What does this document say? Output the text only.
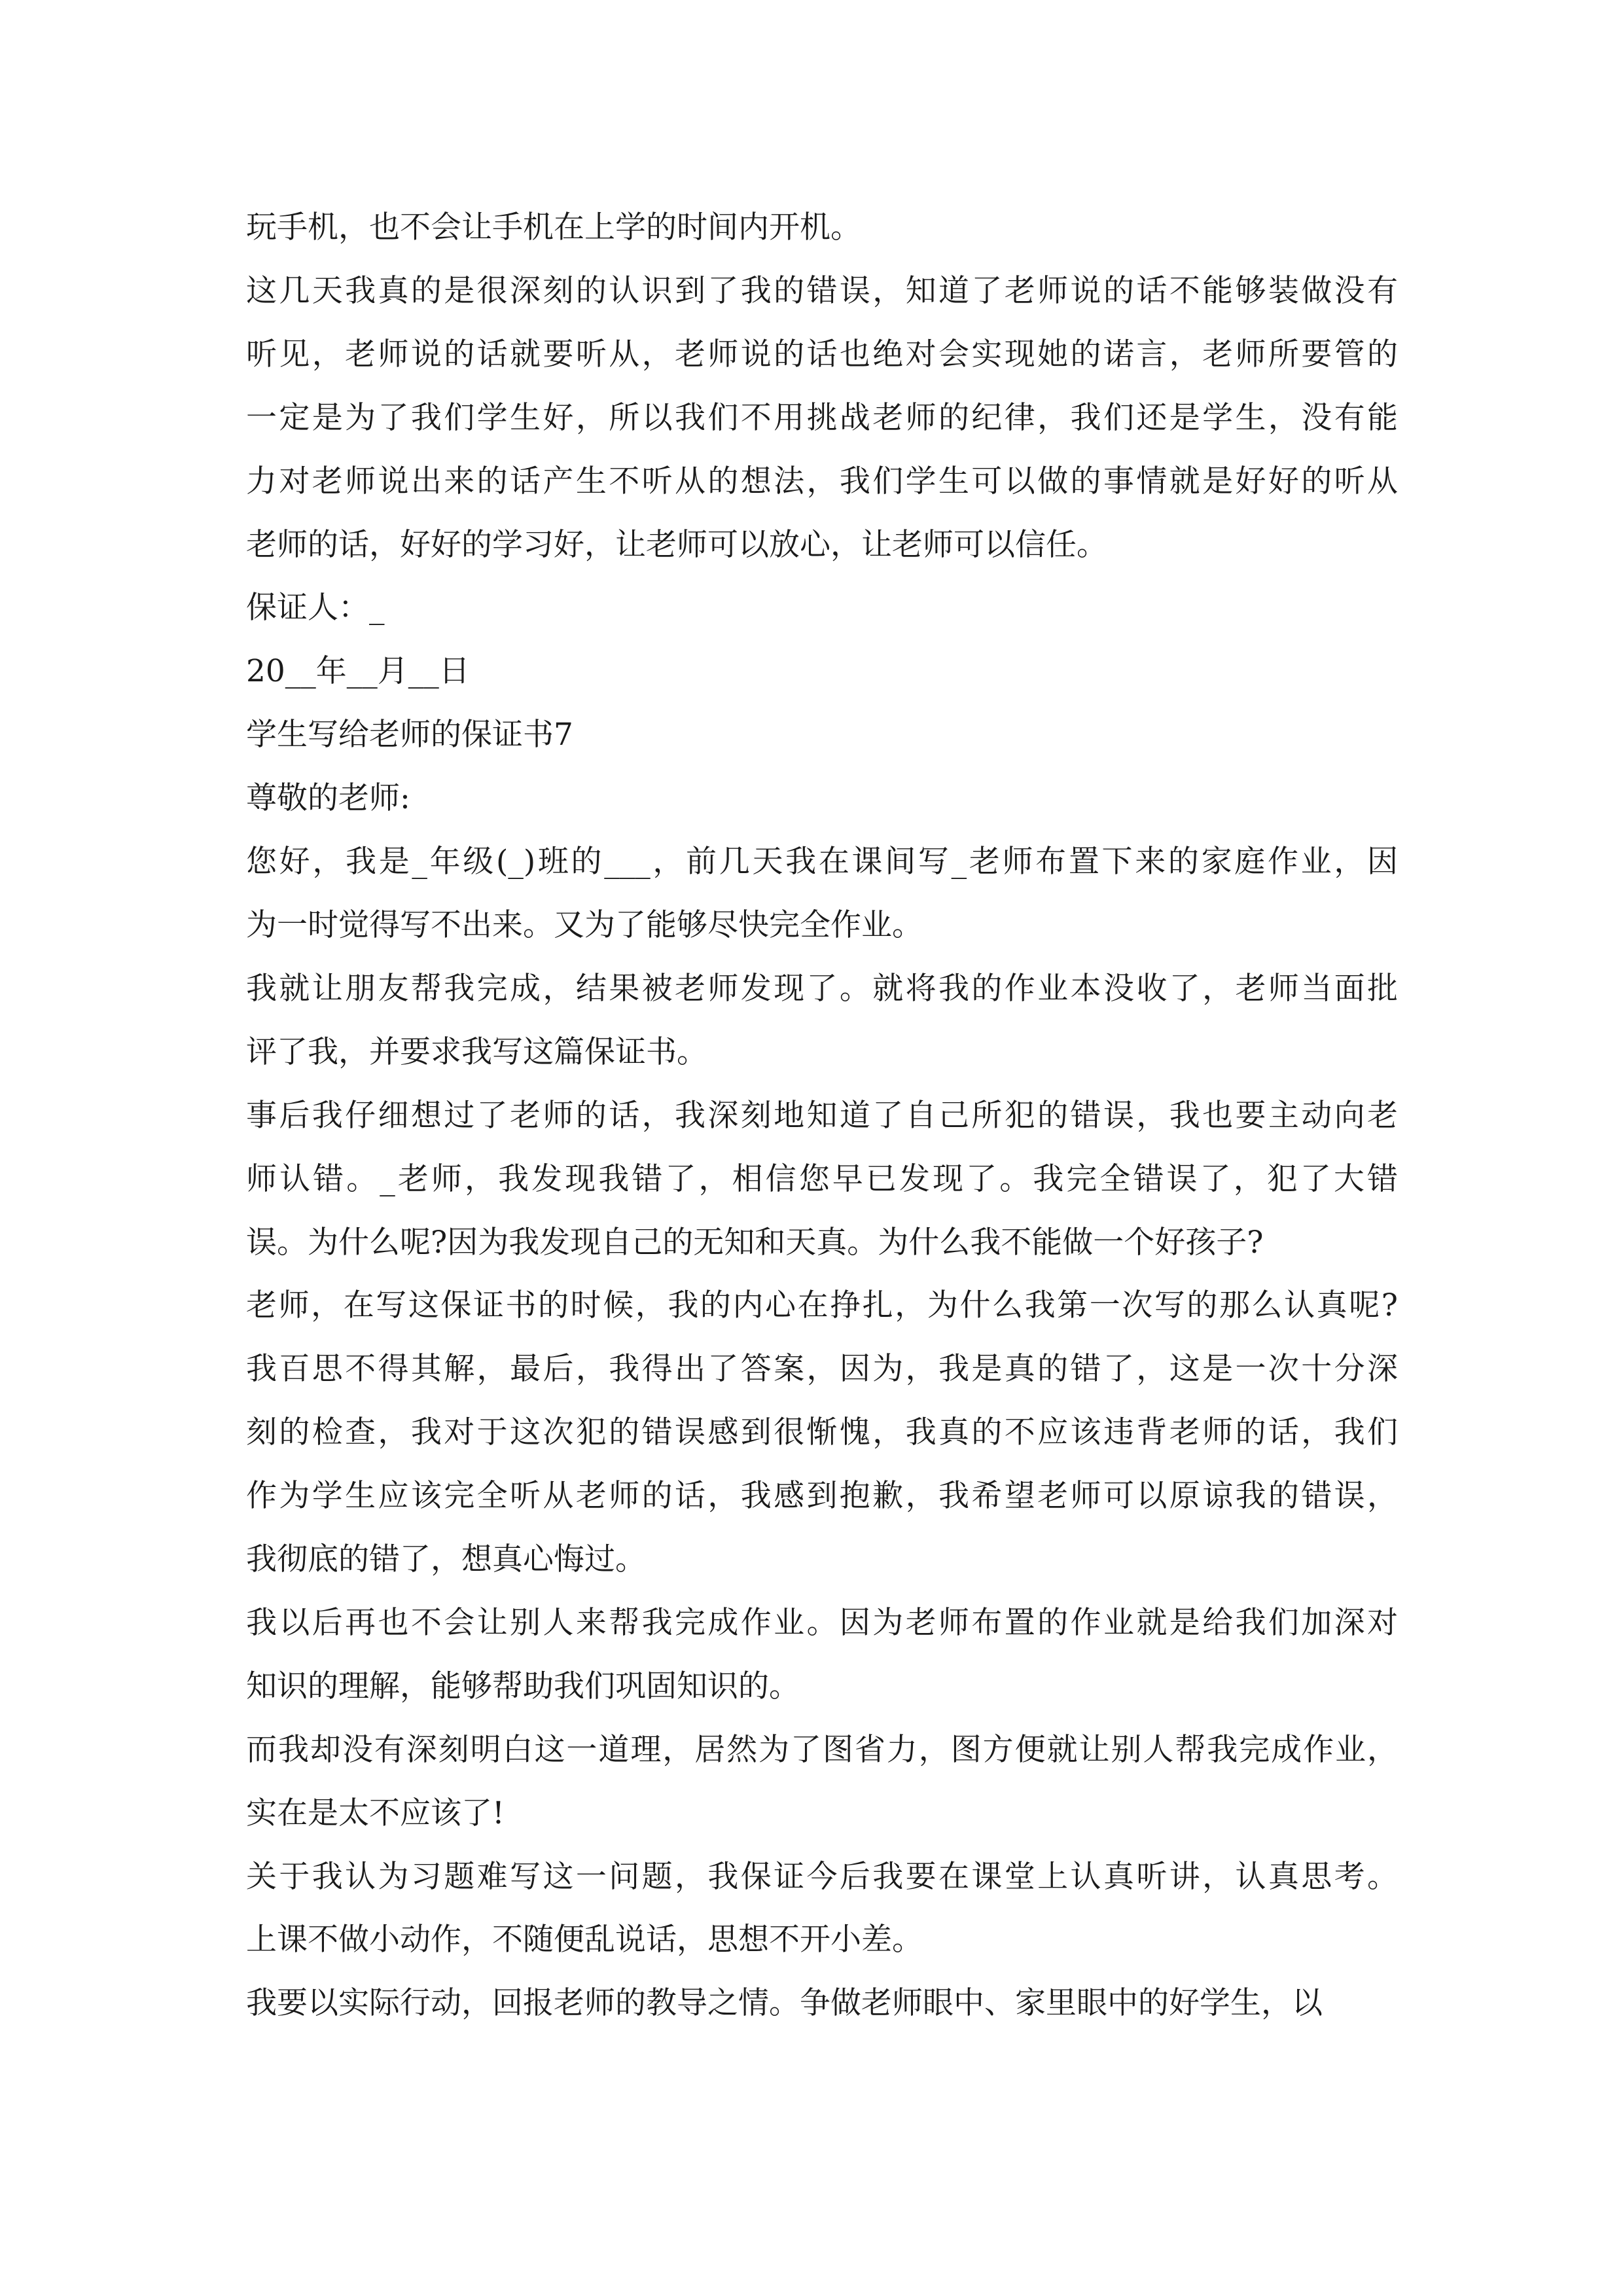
玩手机，也不会让手机在上学的时间内开机。

这几天我真的是很深刻的认识到了我的错误，知道了老师说的话不能够装做没有
听见，老师说的话就要听从，老师说的话也绝对会实现她的诺言，老师所要管的
一定是为了我们学生好，所以我们不用挑战老师的纪律，我们还是学生，没有能
力对老师说出来的话产生不听从的想法，我们学生可以做的事情就是好好的听从
老师的话，好好的学习好，让老师可以放心，让老师可以信任。

保证人：_

20__年__月__日

学生写给老师的保证书7

尊敬的老师:

您好，我是_年级(_)班的___，前几天我在课间写_老师布置下来的家庭作业，因
为一时觉得写不出来。又为了能够尽快完全作业。

我就让朋友帮我完成，结果被老师发现了。就将我的作业本没收了，老师当面批
评了我，并要求我写这篇保证书。

事后我仔细想过了老师的话，我深刻地知道了自己所犯的错误，我也要主动向老
师认错。_老师，我发现我错了，相信您早已发现了。我完全错误了，犯了大错
误。为什么呢?因为我发现自己的无知和天真。为什么我不能做一个好孩子?

老师，在写这保证书的时候，我的内心在挣扎，为什么我第一次写的那么认真呢?
我百思不得其解，最后，我得出了答案，因为，我是真的错了，这是一次十分深
刻的检查，我对于这次犯的错误感到很惭愧，我真的不应该违背老师的话，我们
作为学生应该完全听从老师的话，我感到抱歉，我希望老师可以原谅我的错误，
我彻底的错了，想真心悔过。

我以后再也不会让别人来帮我完成作业。因为老师布置的作业就是给我们加深对
知识的理解，能够帮助我们巩固知识的。

而我却没有深刻明白这一道理，居然为了图省力，图方便就让别人帮我完成作业，
实在是太不应该了!

关于我认为习题难写这一问题，我保证今后我要在课堂上认真听讲，认真思考。
上课不做小动作，不随便乱说话，思想不开小差。

我要以实际行动，回报老师的教导之情。争做老师眼中、家里眼中的好学生，以
